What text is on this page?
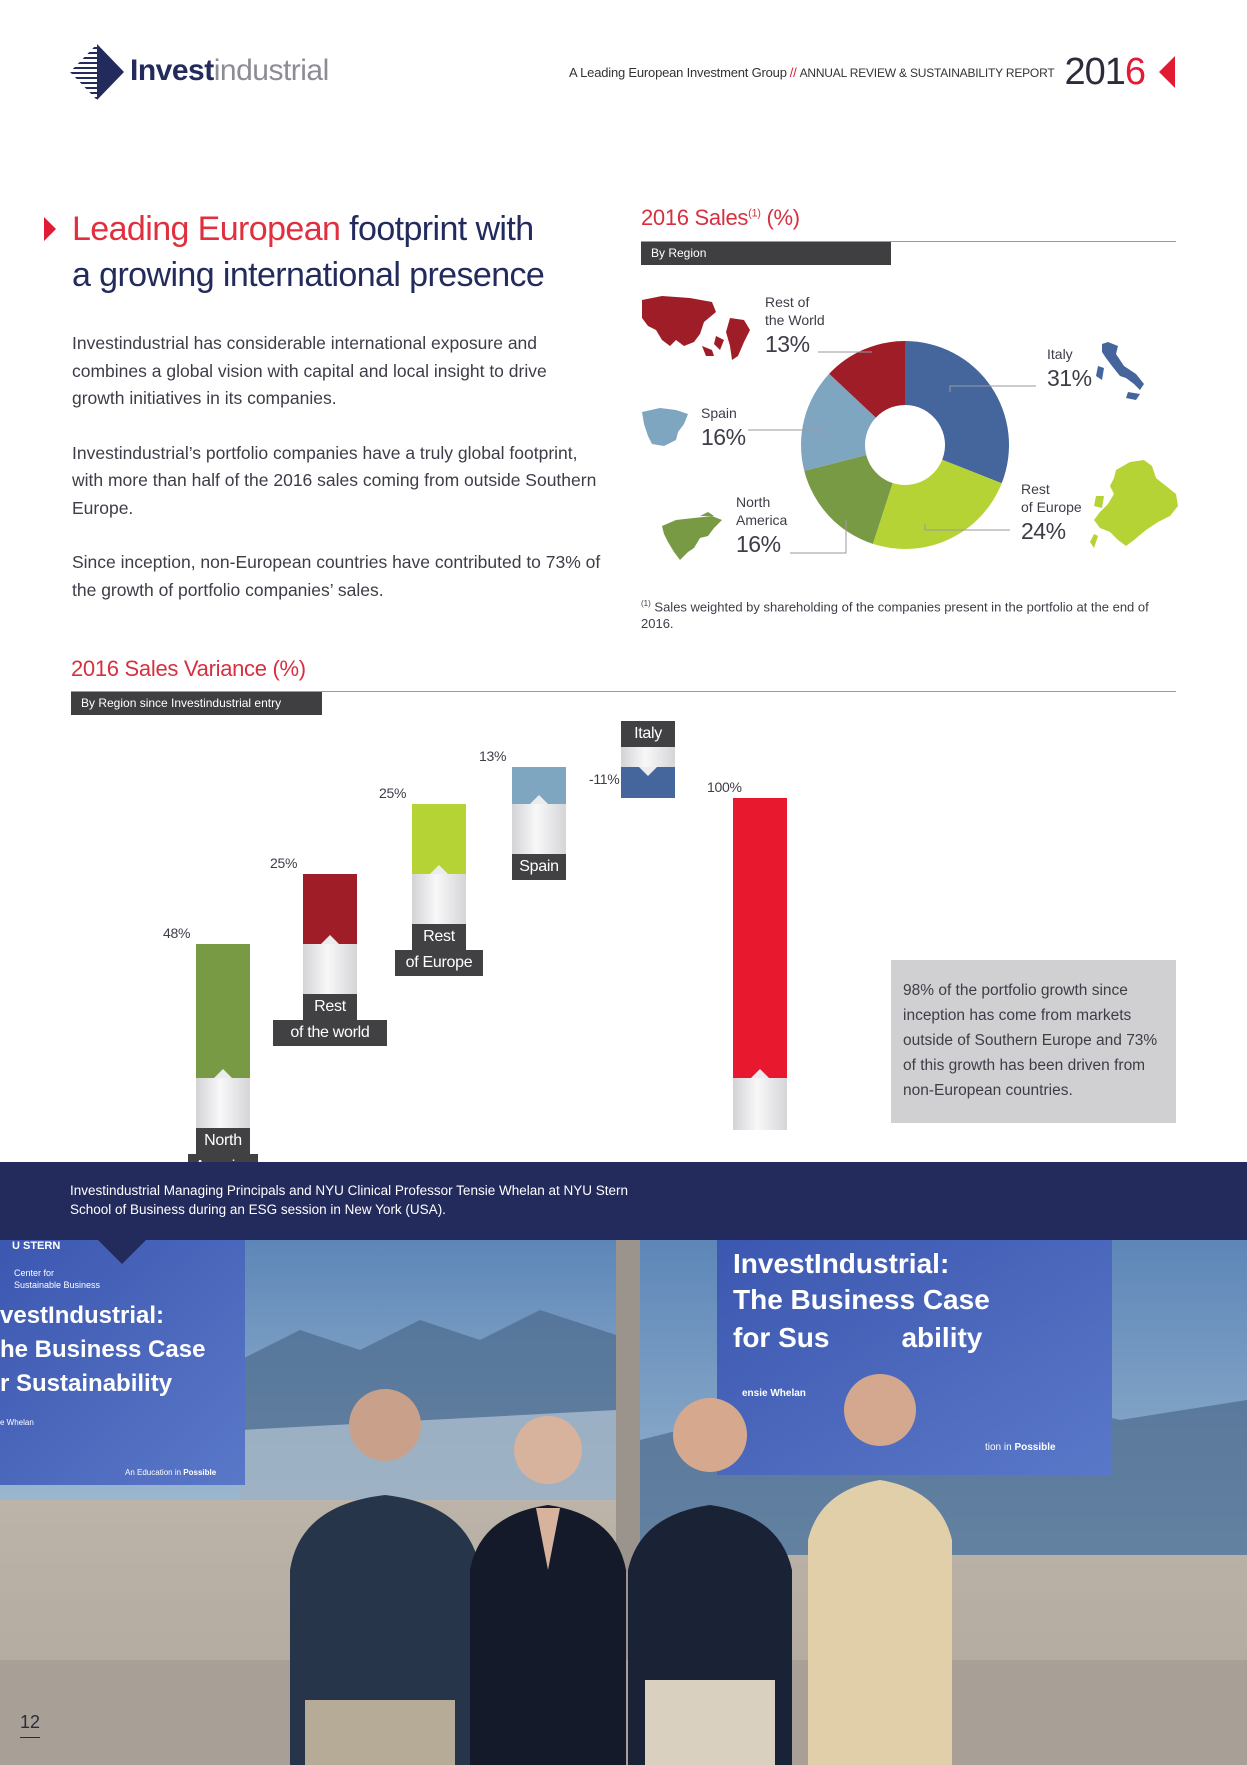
Investindustrial	A Leading European Investment Group // ANNUAL REVIEW & SUSTAINABILITY REPORT 2016
Leading European footprint with
a growing international presence

Investindustrial has considerable international exposure and combines a global vision with capital and local insight to drive growth initiatives in its companies.

Investindustrial’s portfolio companies have a truly global footprint, with more than half of the 2016 sales coming from outside Southern Europe.

Since inception, non-European countries have contributed to 73% of the growth of portfolio companies’ sales.

2016 Sales$^{(1)}$ (%)
By Region
Rest of
the World
13%	Italy
31%
Spain
16%
Rest
of Europe
24%
North
America
16%
$^{(1)}$ Sales weighted by shareholding of the companies present in the portfolio at the end of 2016.
2016 Sales Variance (%)
By Region since Investindustrial entry
48%
North
25%
Rest
of the world
25%
Rest
of Europe
13%
Spain
-11%
Italy
100%
98% of the portfolio growth since inception has come from markets outside of Southern Europe and 73% of this growth has been driven from non-European countries.
Investindustrial Managing Principals and NYU Clinical Professor Tensie Whelan at NYU Stern School of Business during an ESG session in New York (USA).
U STERN
Center for
Sustainable Business
vestIndustrial:
he Business Case
r Sustainability
e Whelan
An Education in Possible
InvestIndustrial:
The Business Case
for Sus	ability
ensie Whelan
tion in Possible
12
